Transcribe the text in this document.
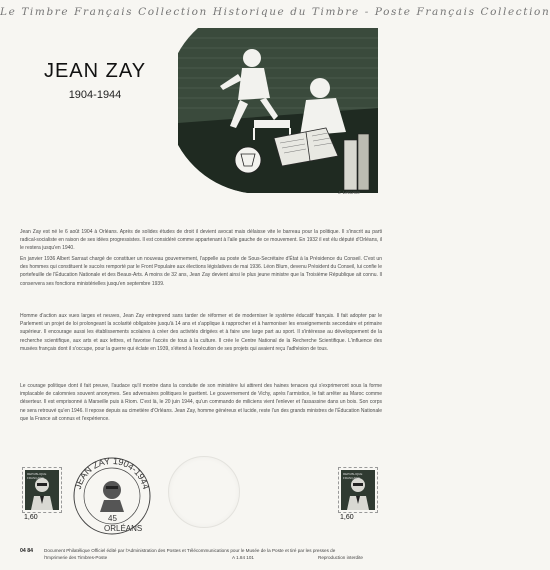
Le Timbre Français Collection Historique du Timbre - Poste Français Collection
JEAN ZAY
1904-1944
J. Lecomte

Jean Zay est né le 6 août 1904 à Orléans. Après de solides études de droit il devient avocat mais délaisse vite le barreau pour la politique. Il s'inscrit au parti radical-socialiste en raison de ses idées progressistes. Il est considéré comme appartenant à l'aile gauche de ce mouvement. En 1932 il est élu député d'Orléans, il le restera jusqu'en 1940.

En janvier 1936 Albert Sarraut chargé de constituer un nouveau gouvernement, l'appelle au poste de Sous-Secrétaire d'État à la Présidence du Conseil. C'est un des hommes qui constituent le succès remporté par le Front Populaire aux élections législatives de mai 1936. Léon Blum, devenu Président du Conseil, lui confie le portefeuille de l'Éducation Nationale et des Beaux-Arts. A moins de 32 ans, Jean Zay devient ainsi le plus jeune ministre que la Troisième République ait connu. Il conservera ses fonctions ministérielles jusqu'en septembre 1939.

Homme d'action aux vues larges et neuves, Jean Zay entreprend sans tarder de réformer et de moderniser le système éducatif français. Il fait adopter par le Parlement un projet de loi prolongeant la scolarité obligatoire jusqu'à 14 ans et s'applique à rapprocher et à harmoniser les enseignements secondaire et primaire supérieur. Il encourage aussi les établissements scolaires à créer des activités dirigées et à faire une large part au sport. Il s'intéresse au développement de la recherche scientifique, aux arts et aux lettres, et favorise l'accès de tous à la culture. Il crée le Centre National de la Recherche Scientifique. L'influence des musées français dont il s'occupe, pour la guerre qui éclate en 1939, s'étend à l'exécution de ses projets qui avaient reçu l'adhésion de tous.

Le courage politique dont il fait preuve, l'audace qu'il montre dans la conduite de son ministère lui attirent des haines tenaces qui s'exprimeront sous la forme implacable de calomnies souvent anonymes. Ses adversaires politiques le guettent. Le gouvernement de Vichy, après l'armistice, le fait arrêter au Maroc comme déserteur. Il est emprisonné à Marseille puis à Riom. C'est là, le 20 juin 1944, qu'un commando de miliciens vient l'enlever et l'assassine dans un bois. Son corps ne sera retrouvé qu'en 1946. Il repose depuis au cimetière d'Orléans. Jean Zay, homme généreux et lucide, reste l'un des grands ministres de l'Éducation Nationale que la France ait connus et l'expérience.

REPUBLIQUE FRANÇAISE
1,60
JEAN ZAY 1904-1944
45
ORLÉANS
REPUBLIQUE FRANÇAISE
1,60
04 84 Document Philatélique Officiel édité par l'Administration des Postes et Télécommunications pour le Musée de la Poste et tiré par les presses de l'Imprimerie des Timbres-Poste	A 1.84 101	Reproduction interdite
